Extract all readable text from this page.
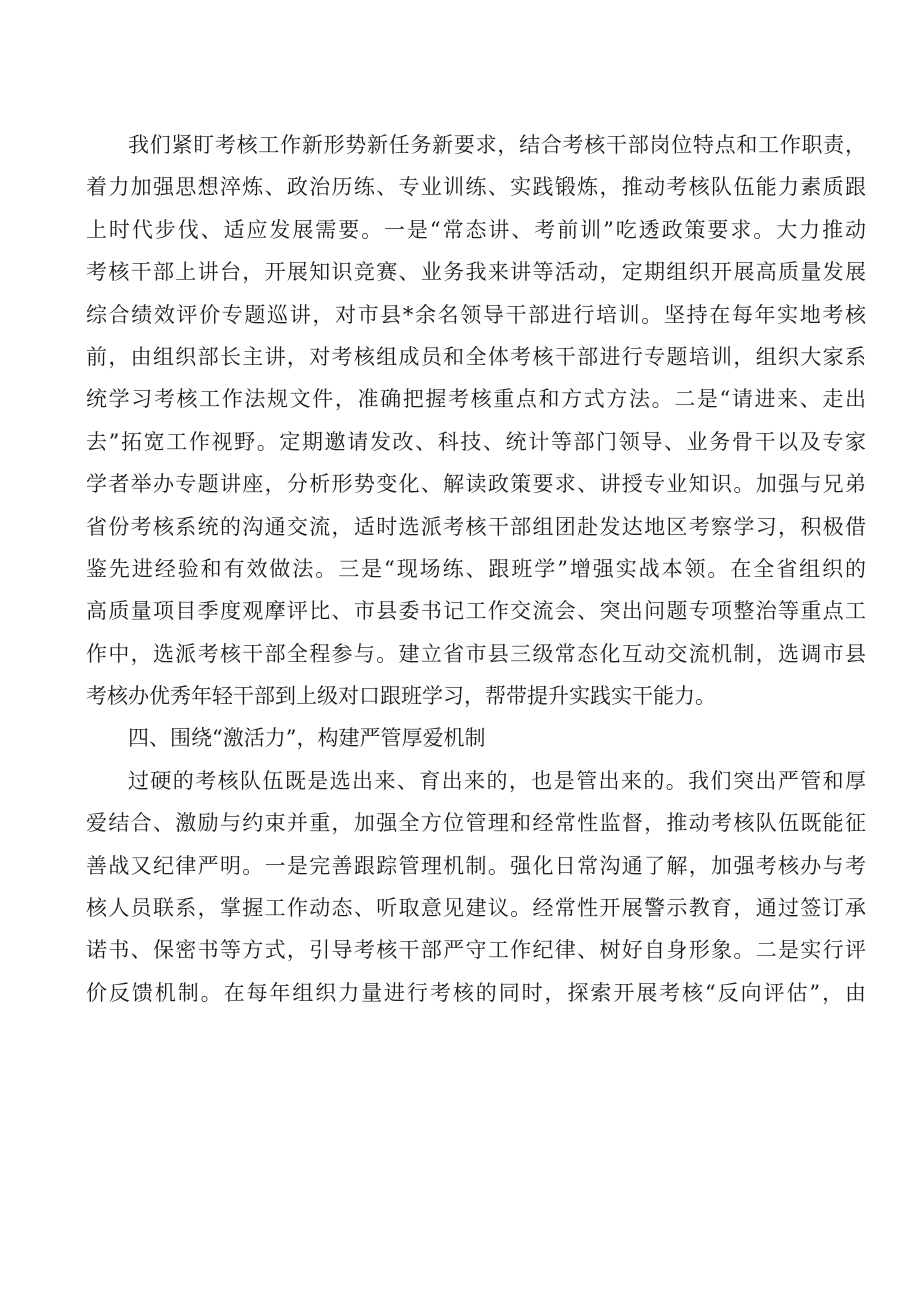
我们紧盯考核工作新形势新任务新要求，结合考核干部岗位特点和工作职责，
着力加强思想淬炼、政治历练、专业训练、实践锻炼，推动考核队伍能力素质跟
上时代步伐、适应发展需要。一是“常态讲、考前训”吃透政策要求。大力推动
考核干部上讲台，开展知识竞赛、业务我来讲等活动，定期组织开展高质量发展
综合绩效评价专题巡讲，对市县*余名领导干部进行培训。坚持在每年实地考核
前，由组织部长主讲，对考核组成员和全体考核干部进行专题培训，组织大家系
统学习考核工作法规文件，准确把握考核重点和方式方法。二是“请进来、走出
去”拓宽工作视野。定期邀请发改、科技、统计等部门领导、业务骨干以及专家
学者举办专题讲座，分析形势变化、解读政策要求、讲授专业知识。加强与兄弟
省份考核系统的沟通交流，适时选派考核干部组团赴发达地区考察学习，积极借
鉴先进经验和有效做法。三是“现场练、跟班学”增强实战本领。在全省组织的
高质量项目季度观摩评比、市县委书记工作交流会、突出问题专项整治等重点工
作中，选派考核干部全程参与。建立省市县三级常态化互动交流机制，选调市县
考核办优秀年轻干部到上级对口跟班学习，帮带提升实践实干能力。
四、围绕“激活力”，构建严管厚爱机制
过硬的考核队伍既是选出来、育出来的，也是管出来的。我们突出严管和厚
爱结合、激励与约束并重，加强全方位管理和经常性监督，推动考核队伍既能征
善战又纪律严明。一是完善跟踪管理机制。强化日常沟通了解，加强考核办与考
核人员联系，掌握工作动态、听取意见建议。经常性开展警示教育，通过签订承
诺书、保密书等方式，引导考核干部严守工作纪律、树好自身形象。二是实行评
价反馈机制。在每年组织力量进行考核的同时，探索开展考核“反向评估”，由
